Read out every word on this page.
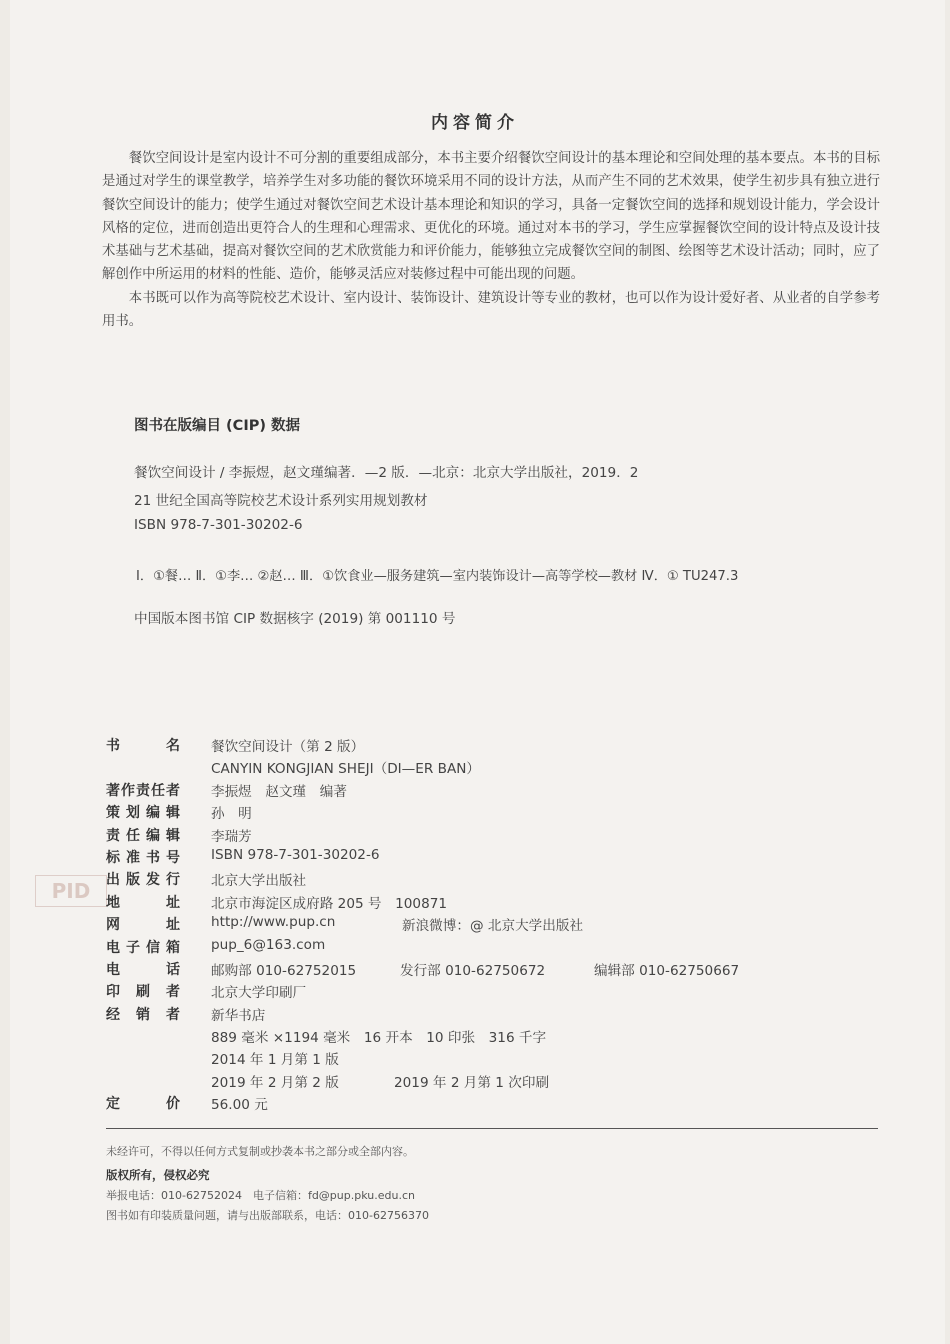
PID
内容简介

餐饮空间设计是室内设计不可分割的重要组成部分，本书主要介绍餐饮空间设计的基本理论和空间处理的基本要点。本书的目标是通过对学生的课堂教学，培养学生对多功能的餐饮环境采用不同的设计方法，从而产生不同的艺术效果，使学生初步具有独立进行餐饮空间设计的能力；使学生通过对餐饮空间艺术设计基本理论和知识的学习，具备一定餐饮空间的选择和规划设计能力，学会设计风格的定位，进而创造出更符合人的生理和心理需求、更优化的环境。通过对本书的学习，学生应掌握餐饮空间的设计特点及设计技术基础与艺术基础，提高对餐饮空间的艺术欣赏能力和评价能力，能够独立完成餐饮空间的制图、绘图等艺术设计活动；同时，应了解创作中所运用的材料的性能、造价，能够灵活应对装修过程中可能出现的问题。

本书既可以作为高等院校艺术设计、室内设计、装饰设计、建筑设计等专业的教材，也可以作为设计爱好者、从业者的自学参考用书。

图书在版编目 (CIP) 数据
餐饮空间设计 / 李振煜，赵文瑾编著．—2 版．—北京：北京大学出版社，2019．2
21 世纪全国高等院校艺术设计系列实用规划教材
ISBN 978-7-301-30202-6
Ⅰ．①餐… Ⅱ．①李… ②赵… Ⅲ．①饮食业—服务建筑—室内装饰设计—高等学校—教材 Ⅳ．① TU247.3
中国版本图书馆 CIP 数据核字 (2019) 第 001110 号
书名 餐饮空间设计（第 2 版）
CANYIN KONGJIAN SHEJI（DI—ER BAN）
著作责任者 李振煜　赵文瑾　编著
策划编辑 孙　明
责任编辑 李瑞芳
标准书号 ISBN 978-7-301-30202-6
出版发行 北京大学出版社
地址 北京市海淀区成府路 205 号　100871
网址 http://www.pup.cn	新浪微博：@ 北京大学出版社
电子信箱 pup_6@163.com
电话 邮购部 010-62752015	发行部 010-62750672	编辑部 010-62750667
印刷者 北京大学印刷厂
经销者 新华书店
889 毫米 ×1194 毫米　16 开本　10 印张　316 千字
2014 年 1 月第 1 版
2019 年 2 月第 2 版	2019 年 2 月第 1 次印刷
定价 56.00 元
未经许可，不得以任何方式复制或抄袭本书之部分或全部内容。
版权所有，侵权必究
举报电话：010-62752024　电子信箱：fd@pup.pku.edu.cn
图书如有印装质量问题，请与出版部联系，电话：010-62756370
